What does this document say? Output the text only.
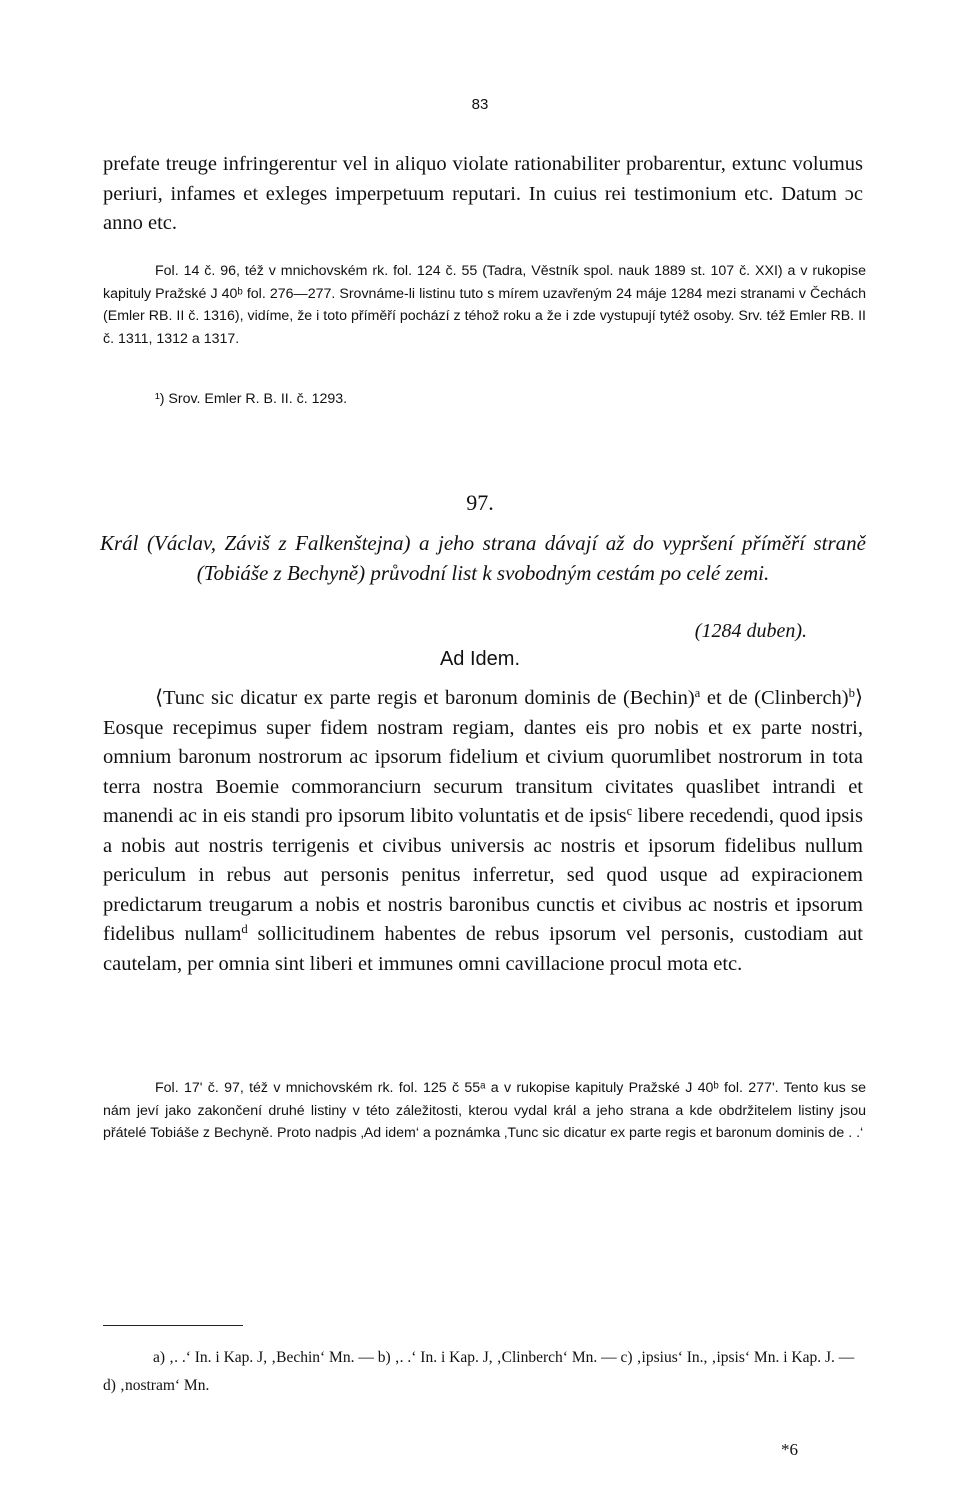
83

prefate treuge infringerentur vel in aliquo violate rationabiliter probarentur, extunc volumus periuri, infames et exleges imperpetuum reputari. In cuius rei testimonium etc. Datum ɔc anno etc.

Fol. 14 č. 96, též v mnichovském rk. fol. 124 č. 55 (Tadra, Věstník spol. nauk 1889 st. 107 č. XXI) a v rukopise kapituly Pražské J 40ᵇ fol. 276—277. Srovnáme-li listinu tuto s mírem uzavřeným 24 máje 1284 mezi stranami v Čechách (Emler RB. II č. 1316), vidíme, že i toto příměří pochází z téhož roku a že i zde vystupují tytéž osoby. Srv. též Emler RB. II č. 1311, 1312 a 1317.

¹) Srov. Emler R. B. II. č. 1293.

97.

Král (Václav, Záviš z Falkenštejna) a jeho strana dávají až do vypršení příměří straně (Tobiáše z Bechyně) průvodní list k svobodným cestám po celé zemi.

(1284 duben).
Ad Idem.

⟨Tunc sic dicatur ex parte regis et baronum dominis de (Bechin)$^a$ et de (Clinberch)$^b$⟩ Eosque recepimus super fidem nostram regiam, dantes eis pro nobis et ex parte nostri, omnium baronum nostrorum ac ipsorum fidelium et civium quorumlibet nostrorum in tota terra nostra Boemie commoranciurn securum transitum civitates quaslibet intrandi et manendi ac in eis standi pro ipsorum libito voluntatis et de ipsis$^c$ libere recedendi, quod ipsis a nobis aut nostris terrigenis et civibus universis ac nostris et ipsorum fidelibus nullum periculum in rebus aut personis penitus inferretur, sed quod usque ad expiracionem predictarum treugarum a nobis et nostris baronibus cunctis et civibus ac nostris et ipsorum fidelibus nullam$^d$ sollicitudinem habentes de rebus ipsorum vel personis, custodiam aut cautelam, per omnia sint liberi et immunes omni cavillacione procul mota etc.

Fol. 17ʹ č. 97, též v mnichovském rk. fol. 125 č 55ᵃ a v rukopise kapituly Pražské J 40ᵇ fol. 277ʹ. Tento kus se nám jeví jako zakončení druhé listiny v této záležitosti, kterou vydal král a jeho strana a kde obdržitelem listiny jsou přátelé Tobiáše z Bechyně. Proto nadpis ‚Ad idem‘ a poznámka ‚Tunc sic dicatur ex parte regis et baronum dominis de . .‘

a) ‚. .‘ In. i Kap. J, ‚Bechin‘ Mn. — b) ‚. .‘ In. i Kap. J, ‚Clinberch‘ Mn. — c) ‚ipsius‘ In., ‚ipsis‘ Mn. i Kap. J. — d) ‚nostram‘ Mn.

*6
